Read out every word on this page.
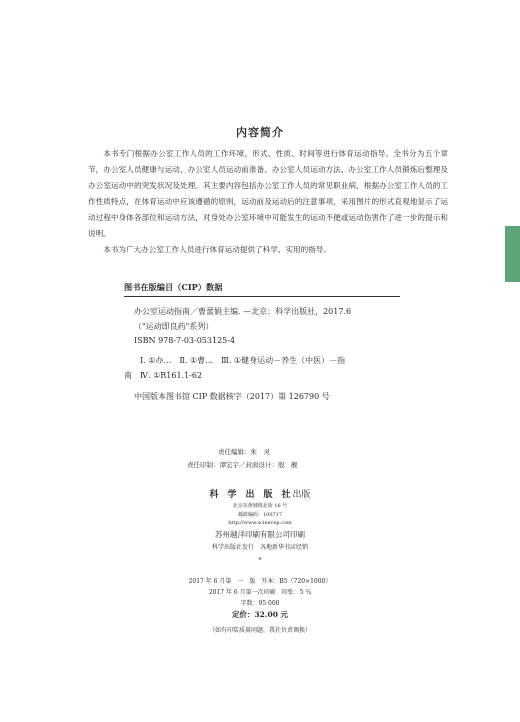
内容简介

本书专门根据办公室工作人员的工作环境、形式、性质、时间等进行体育运动指导。全书分为五个章节，办公室人员健康与运动、办公室人员运动前准备、办公室人员运动方法、办公室工作人员锻炼后整理及办公室运动中的突发状况及处理。其主要内容包括办公室工作人员的常见职业病，根据办公室工作人员的工作性质特点，在体育运动中应该遵循的原则，运动前及运动后的注意事项，采用图片的形式直观地显示了运动过程中身体各部位和运动方法，对身处办公室环境中可能发生的运动不便或运动伤害作了进一步的提示和说明。

本书为广大办公室工作人员进行体育运动提供了科学、实用的指导。

图书在版编目（CIP）数据
办公室运动指南／曹蕾娟主编. —北京：科学出版社，2017.6
（"运动即良药"系列）
ISBN 978-7-03-053125-4
Ⅰ. ①办…　Ⅱ. ①曹…　Ⅲ. ①健身运动－养生（中医）－指
南　Ⅳ. ①R161.1-62
中国版本图书馆 CIP 数据核字（2017）第 126790 号
责任编辑：朱　灵
责任印制：谭宏宇／封面设计：殷　靓
科　学　出　版　社 出版
北京东黄城根北街 16 号
邮政编码：100717
http://www.sciencep.com
苏州越洋印刷有限公司印刷
科学出版社发行　各地新华书店经销
*
2017 年 6 月第　一　版　开本：B5（720×1000）
2017 年 6 月第一次印刷　印张：5 ¾
字数：95 000
定价：32.00 元
（如有印装质量问题，我社负责调换）
